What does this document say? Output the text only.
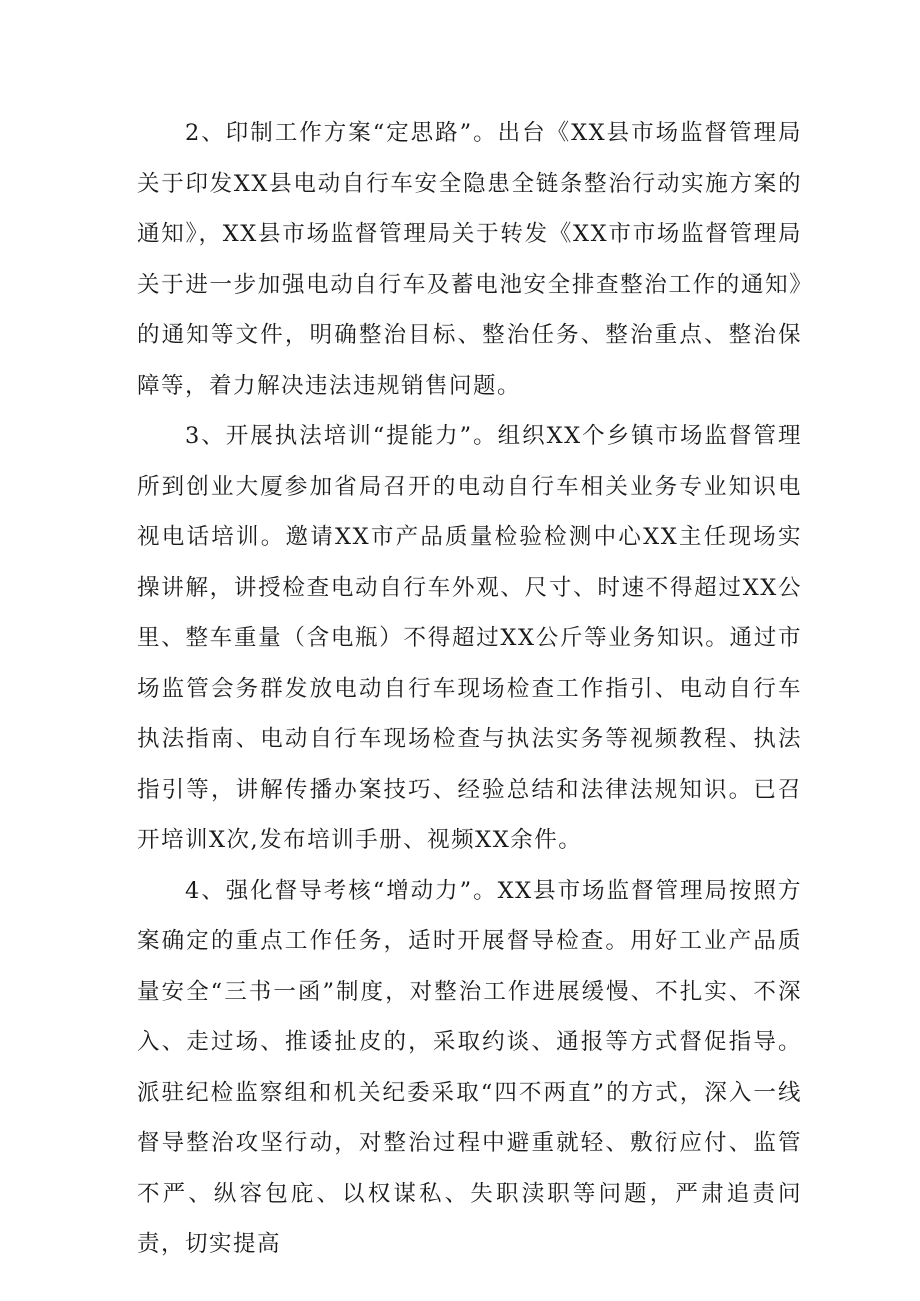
2、印制工作方案“定思路”。出台《XX县市场监督管理局关于印发XX县电动自行车安全隐患全链条整治行动实施方案的通知》，XX县市场监督管理局关于转发《XX市市场监督管理局关于进一步加强电动自行车及蓄电池安全排查整治工作的通知》的通知等文件，明确整治目标、整治任务、整治重点、整治保障等，着力解决违法违规销售问题。

3、开展执法培训“提能力”。组织XX个乡镇市场监督管理所到创业大厦参加省局召开的电动自行车相关业务专业知识电视电话培训。邀请XX市产品质量检验检测中心XX主任现场实操讲解，讲授检查电动自行车外观、尺寸、时速不得超过XX公里、整车重量（含电瓶）不得超过XX公斤等业务知识。通过市场监管会务群发放电动自行车现场检查工作指引、电动自行车执法指南、电动自行车现场检查与执法实务等视频教程、执法指引等，讲解传播办案技巧、经验总结和法律法规知识。已召开培训X次,发布培训手册、视频XX余件。

4、强化督导考核“增动力”。XX县市场监督管理局按照方案确定的重点工作任务，适时开展督导检查。用好工业产品质量安全“三书一函”制度，对整治工作进展缓慢、不扎实、不深入、走过场、推诿扯皮的，采取约谈、通报等方式督促指导。派驻纪检监察组和机关纪委采取“四不两直”的方式，深入一线督导整治攻坚行动，对整治过程中避重就轻、敷衍应付、监管不严、纵容包庇、以权谋私、失职渎职等问题，严肃追责问责，切实提高
